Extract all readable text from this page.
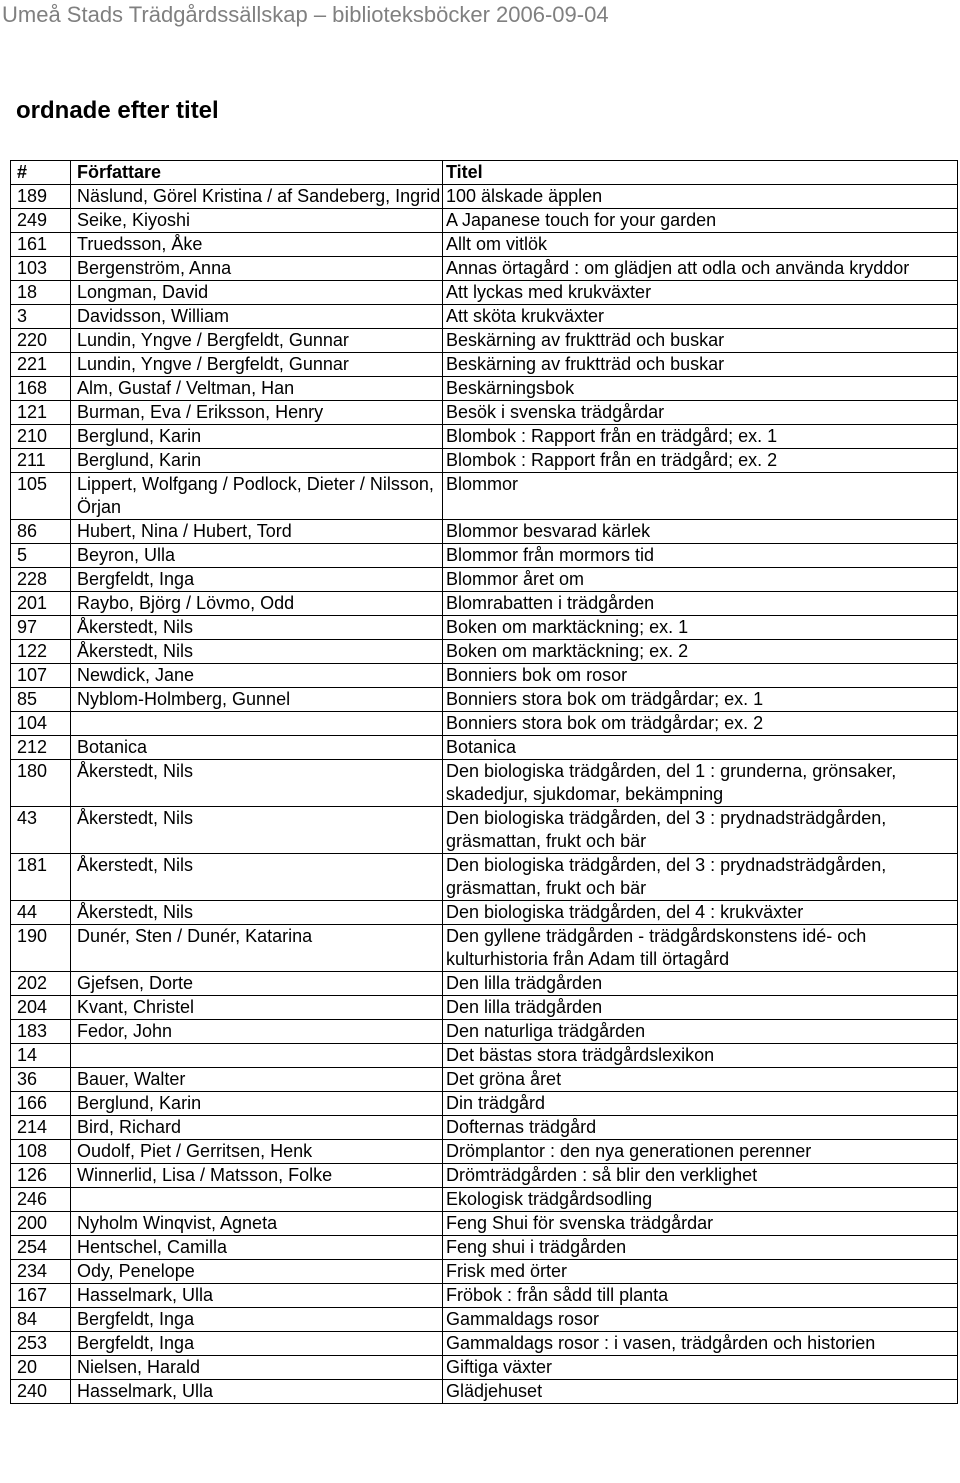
Umeå Stads Trädgårdssällskap – biblioteksböcker 2006-09-04
ordnade efter titel
#	Författare	Titel
189	Näslund, Görel Kristina / af Sandeberg, Ingrid	100 älskade äpplen
249	Seike, Kiyoshi	A Japanese touch for your garden
161	Truedsson, Åke	Allt om vitlök
103	Bergenström, Anna	Annas örtagård : om glädjen att odla och använda kryddor
18	Longman, David	Att lyckas med krukväxter
3	Davidsson, William	Att sköta krukväxter
220	Lundin, Yngve / Bergfeldt, Gunnar	Beskärning av fruktträd och buskar
221	Lundin, Yngve / Bergfeldt, Gunnar	Beskärning av fruktträd och buskar
168	Alm, Gustaf / Veltman, Han	Beskärningsbok
121	Burman, Eva / Eriksson, Henry	Besök i svenska trädgårdar
210	Berglund, Karin	Blombok : Rapport från en trädgård; ex. 1
211	Berglund, Karin	Blombok : Rapport från en trädgård; ex. 2
105	Lippert, Wolfgang / Podlock, Dieter / Nilsson, Örjan	Blommor
86	Hubert, Nina / Hubert, Tord	Blommor besvarad kärlek
5	Beyron, Ulla	Blommor från mormors tid
228	Bergfeldt, Inga	Blommor året om
201	Raybo, Björg / Lövmo, Odd	Blomrabatten i trädgården
97	Åkerstedt, Nils	Boken om marktäckning; ex. 1
122	Åkerstedt, Nils	Boken om marktäckning; ex. 2
107	Newdick, Jane	Bonniers bok om rosor
85	Nyblom-Holmberg, Gunnel	Bonniers stora bok om trädgårdar; ex. 1
104		Bonniers stora bok om trädgårdar; ex. 2
212	Botanica	Botanica
180	Åkerstedt, Nils	Den biologiska trädgården, del 1 : grunderna, grönsaker, skadedjur, sjukdomar, bekämpning
43	Åkerstedt, Nils	Den biologiska trädgården, del 3 : prydnadsträdgården, gräsmattan, frukt och bär
181	Åkerstedt, Nils	Den biologiska trädgården, del 3 : prydnadsträdgården, gräsmattan, frukt och bär
44	Åkerstedt, Nils	Den biologiska trädgården, del 4 : krukväxter
190	Dunér, Sten / Dunér, Katarina	Den gyllene trädgården - trädgårdskonstens idé- och kulturhistoria från Adam till örtagård
202	Gjefsen, Dorte	Den lilla trädgården
204	Kvant, Christel	Den lilla trädgården
183	Fedor, John	Den naturliga trädgården
14		Det bästas stora trädgårdslexikon
36	Bauer, Walter	Det gröna året
166	Berglund, Karin	Din trädgård
214	Bird, Richard	Dofternas trädgård
108	Oudolf, Piet / Gerritsen, Henk	Drömplantor : den nya generationen perenner
126	Winnerlid, Lisa / Matsson, Folke	Drömträdgården : så blir den verklighet
246		Ekologisk trädgårdsodling
200	Nyholm Winqvist, Agneta	Feng Shui för svenska trädgårdar
254	Hentschel, Camilla	Feng shui i trädgården
234	Ody, Penelope	Frisk med örter
167	Hasselmark, Ulla	Fröbok : från sådd till planta
84	Bergfeldt, Inga	Gammaldags rosor
253	Bergfeldt, Inga	Gammaldags rosor : i vasen, trädgården och historien
20	Nielsen, Harald	Giftiga växter
240	Hasselmark, Ulla	Glädjehuset
